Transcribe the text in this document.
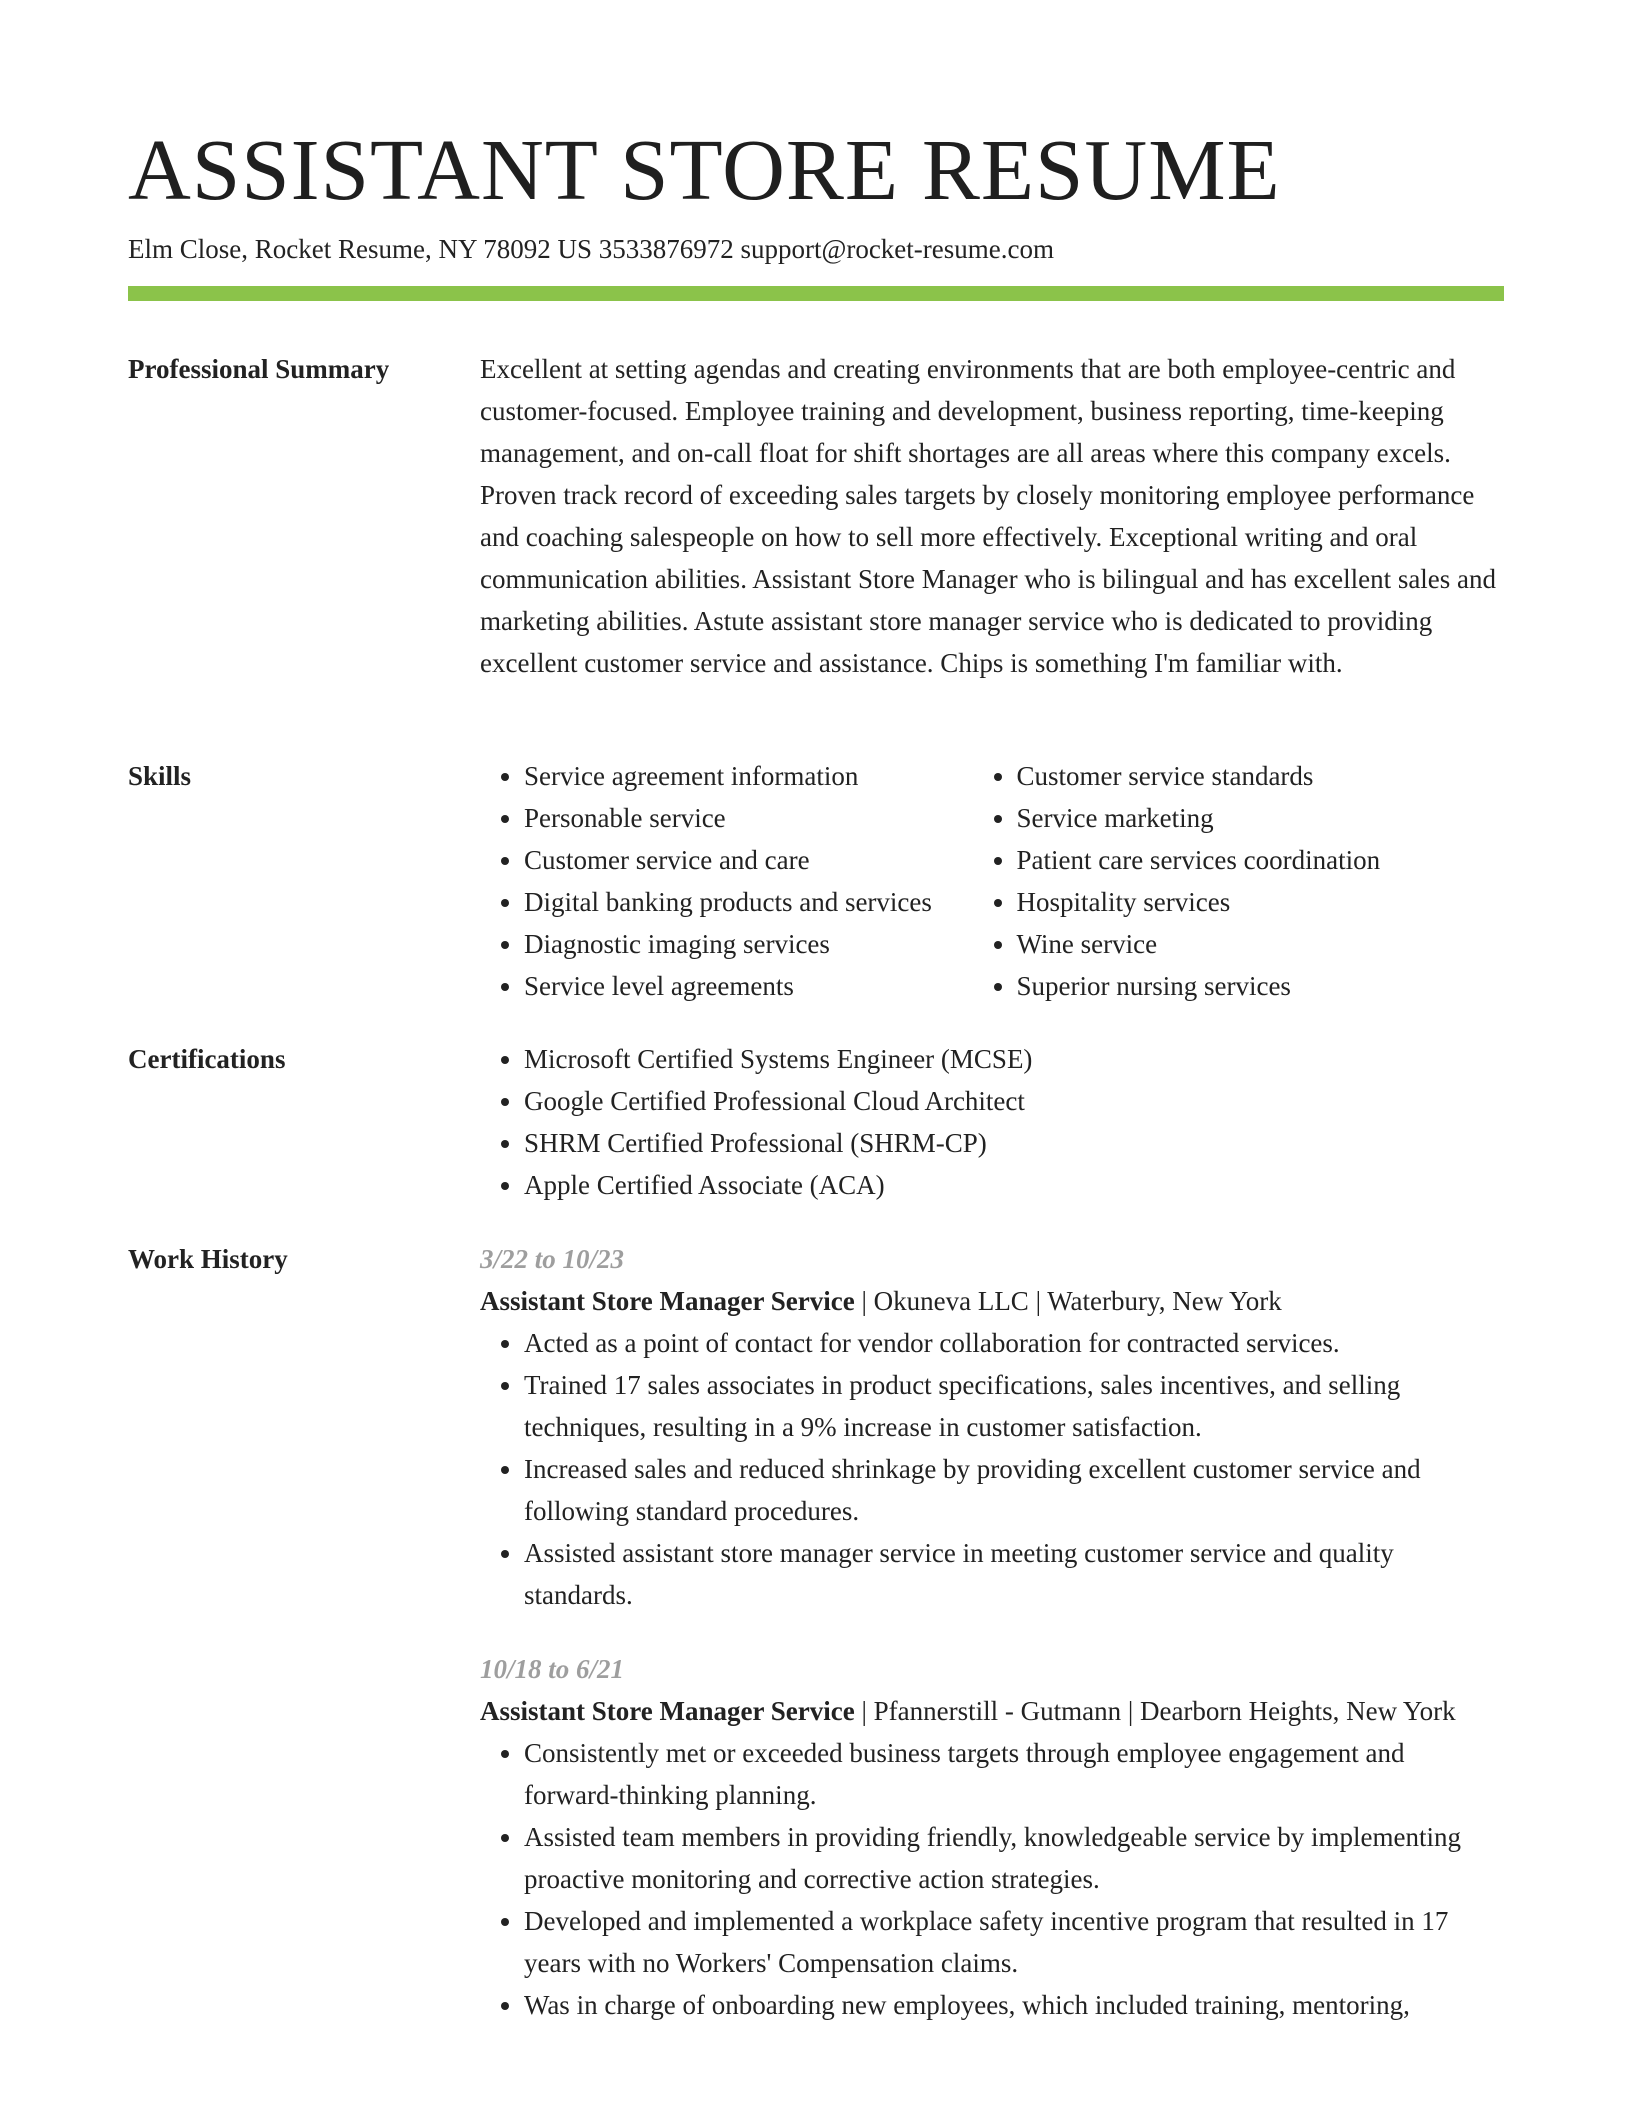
ASSISTANT STORE RESUME
Elm Close, Rocket Resume, NY 78092 US 3533876972 support@rocket-resume.com
Professional Summary	Excellent at setting agendas and creating environments that are both employee-centric and customer-focused. Employee training and development, business reporting, time-keeping management, and on-call float for shift shortages are all areas where this company excels. Proven track record of exceeding sales targets by closely monitoring employee performance and coaching salespeople on how to sell more effectively. Exceptional writing and oral communication abilities. Assistant Store Manager who is bilingual and has excellent sales and marketing abilities. Astute assistant store manager service who is dedicated to providing excellent customer service and assistance. Chips is something I'm familiar with.

Skills	• Service agreement information
• Personable service
• Customer service and care
• Digital banking products and services
• Diagnostic imaging services
• Service level agreements
• Customer service standards
• Service marketing
• Patient care services coordination
• Hospitality services
• Wine service
• Superior nursing services
Certifications	• Microsoft Certified Systems Engineer (MCSE)
• Google Certified Professional Cloud Architect
• SHRM Certified Professional (SHRM-CP)
• Apple Certified Associate (ACA)
Work History	3/22 to 10/23

Assistant Store Manager Service | Okuneva LLC | Waterbury, New York

• Acted as a point of contact for vendor collaboration for contracted services.
• Trained 17 sales associates in product specifications, sales incentives, and selling techniques, resulting in a 9% increase in customer satisfaction.
• Increased sales and reduced shrinkage by providing excellent customer service and following standard procedures.
• Assisted assistant store manager service in meeting customer service and quality standards.
10/18 to 6/21

Assistant Store Manager Service | Pfannerstill - Gutmann | Dearborn Heights, New York

• Consistently met or exceeded business targets through employee engagement and forward-thinking planning.
• Assisted team members in providing friendly, knowledgeable service by implementing proactive monitoring and corrective action strategies.
• Developed and implemented a workplace safety incentive program that resulted in 17 years with no Workers' Compensation claims.
• Was in charge of onboarding new employees, which included training, mentoring,
